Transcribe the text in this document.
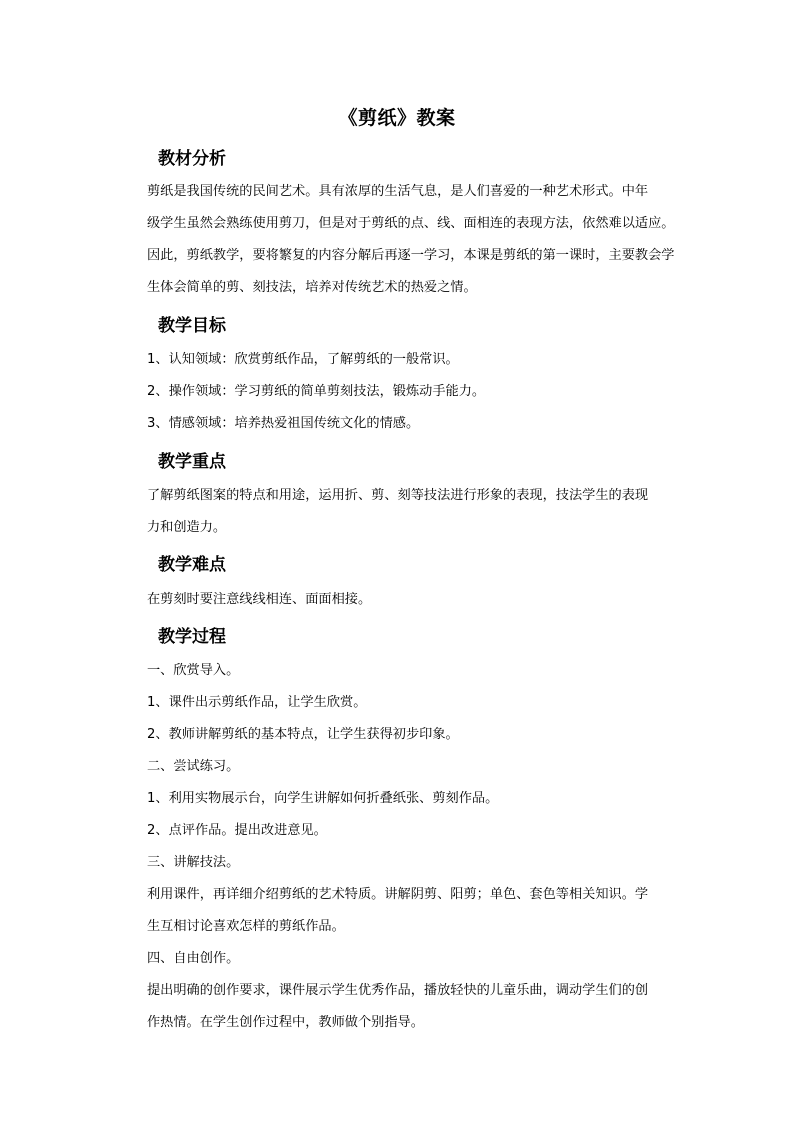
《剪纸》教案
教材分析
剪纸是我国传统的民间艺术。具有浓厚的生活气息，是人们喜爱的一种艺术形式。中年
级学生虽然会熟练使用剪刀，但是对于剪纸的点、线、面相连的表现方法，依然难以适应。
因此，剪纸教学，要将繁复的内容分解后再逐一学习，本课是剪纸的第一课时，主要教会学
生体会简单的剪、刻技法，培养对传统艺术的热爱之情。
教学目标
1、认知领域：欣赏剪纸作品，了解剪纸的一般常识。
2、操作领域：学习剪纸的简单剪刻技法，锻炼动手能力。
3、情感领域：培养热爱祖国传统文化的情感。
教学重点
了解剪纸图案的特点和用途，运用折、剪、刻等技法进行形象的表现，技法学生的表现
力和创造力。
教学难点
在剪刻时要注意线线相连、面面相接。
教学过程
一、欣赏导入。
1、课件出示剪纸作品，让学生欣赏。
2、教师讲解剪纸的基本特点，让学生获得初步印象。
二、尝试练习。
1、利用实物展示台，向学生讲解如何折叠纸张、剪刻作品。
2、点评作品。提出改进意见。
三、讲解技法。
利用课件，再详细介绍剪纸的艺术特质。讲解阴剪、阳剪；单色、套色等相关知识。学
生互相讨论喜欢怎样的剪纸作品。
四、自由创作。
提出明确的创作要求，课件展示学生优秀作品，播放轻快的儿童乐曲，调动学生们的创
作热情。在学生创作过程中，教师做个别指导。
